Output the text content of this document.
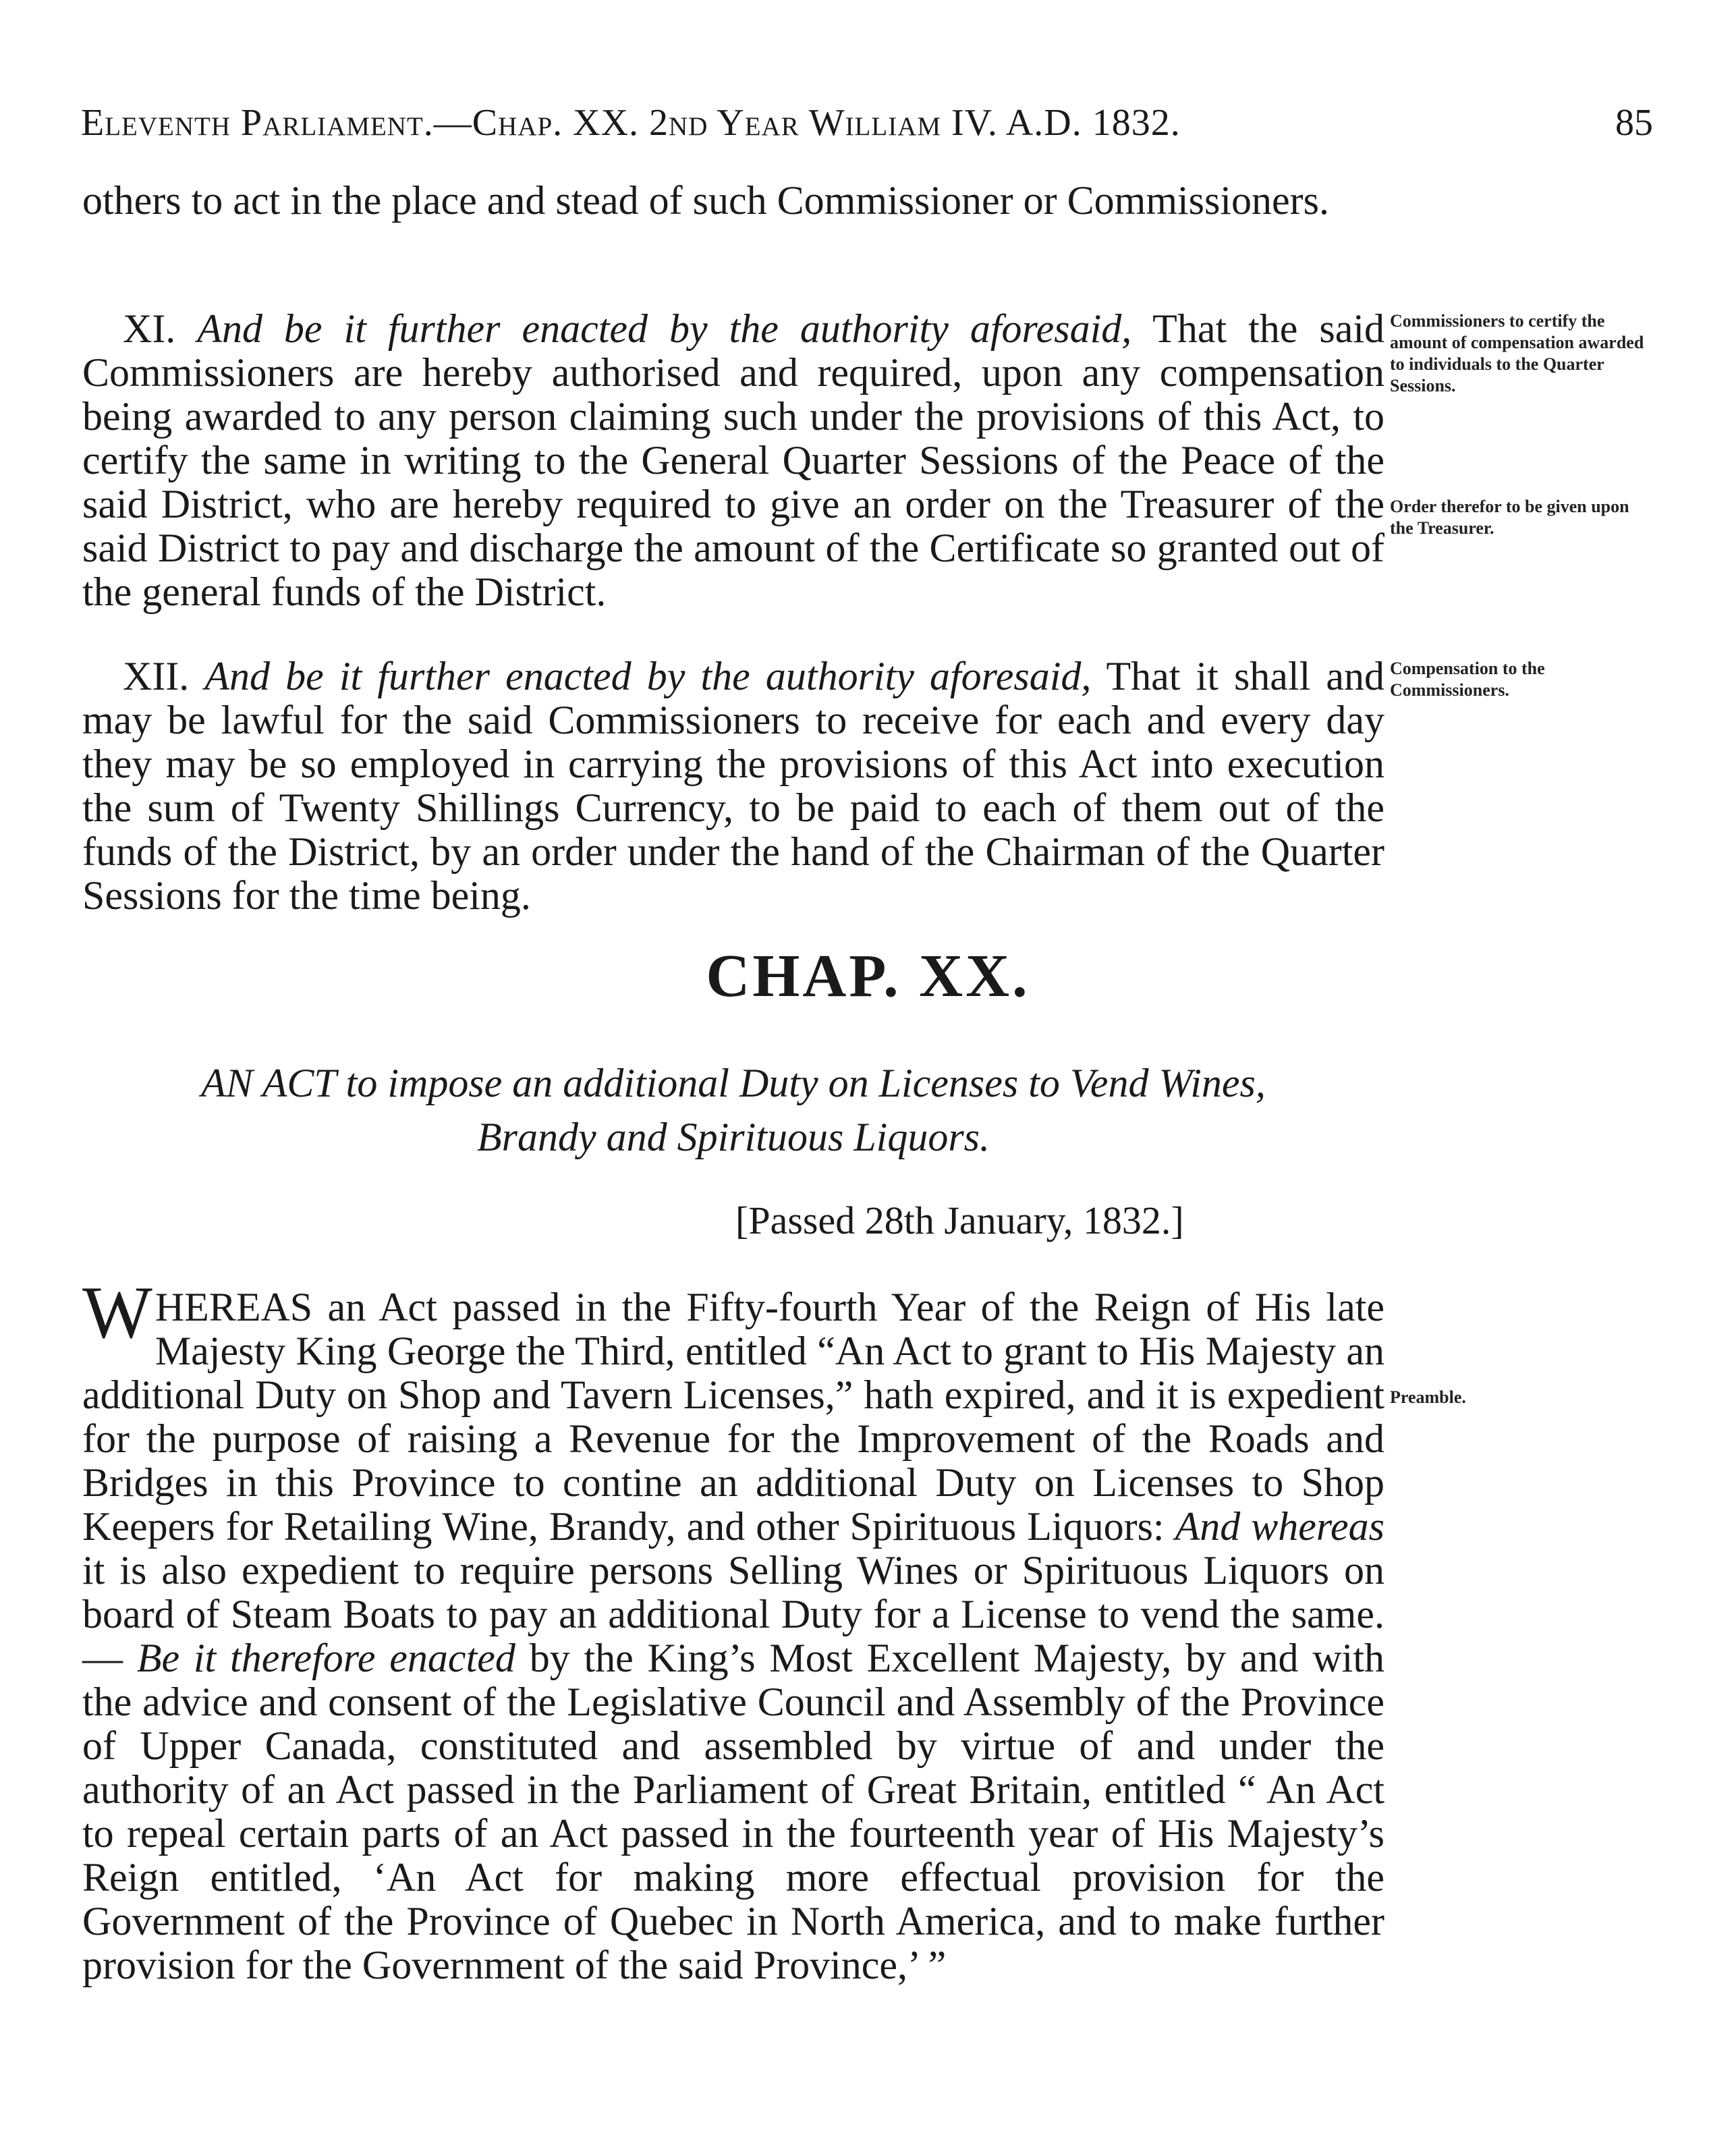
Eleventh Parliament.—Chap. XX. 2nd Year William IV. A.D. 1832.	85

others to act in the place and stead of such Commissioner or Commissioners.

XI. And be it further enacted by the authority aforesaid, That the said Commissioners are hereby authorised and required, upon any compensation being awarded to any person claiming such under the provisions of this Act, to certify the same in writing to the General Quarter Sessions of the Peace of the said District, who are hereby required to give an order on the Treasurer of the said District to pay and discharge the amount of the Certificate so granted out of the general funds of the District.

Commissioners to certify the amount of compensation awarded to individuals to the Quarter Sessions.
Order therefor to be given upon the Treasurer.

XII. And be it further enacted by the authority aforesaid, That it shall and may be lawful for the said Commissioners to receive for each and every day they may be so employed in carrying the provisions of this Act into execution the sum of Twenty Shillings Currency, to be paid to each of them out of the funds of the District, by an order under the hand of the Chairman of the Quarter Sessions for the time being.

Compensation to the Commissioners.
CHAP. XX.
AN ACT to impose an additional Duty on Licenses to Vend Wines,
Brandy and Spirituous Liquors.
[Passed 28th January, 1832.]

WHEREAS an Act passed in the Fifty-fourth Year of the Reign of His late Majesty King George the Third, entitled “An Act to grant to His Majesty an additional Duty on Shop and Tavern Licenses,” hath expired, and it is expedient for the purpose of raising a Revenue for the Improvement of the Roads and Bridges in this Province to contine an additional Duty on Licenses to Shop Keepers for Retailing Wine, Brandy, and other Spirituous Liquors: And whereas it is also expedient to require persons Selling Wines or Spirituous Liquors on board of Steam Boats to pay an additional Duty for a License to vend the same.— Be it therefore enacted by the King’s Most Excellent Majesty, by and with the advice and consent of the Legislative Council and Assembly of the Province of Upper Canada, constituted and assembled by virtue of and under the authority of an Act passed in the Parliament of Great Britain, entitled “ An Act to repeal certain parts of an Act passed in the fourteenth year of His Majesty’s Reign entitled, ‘An Act for making more effectual provision for the Government of the Province of Quebec in North America, and to make further provision for the Government of the said Province,’ ”

Preamble.
